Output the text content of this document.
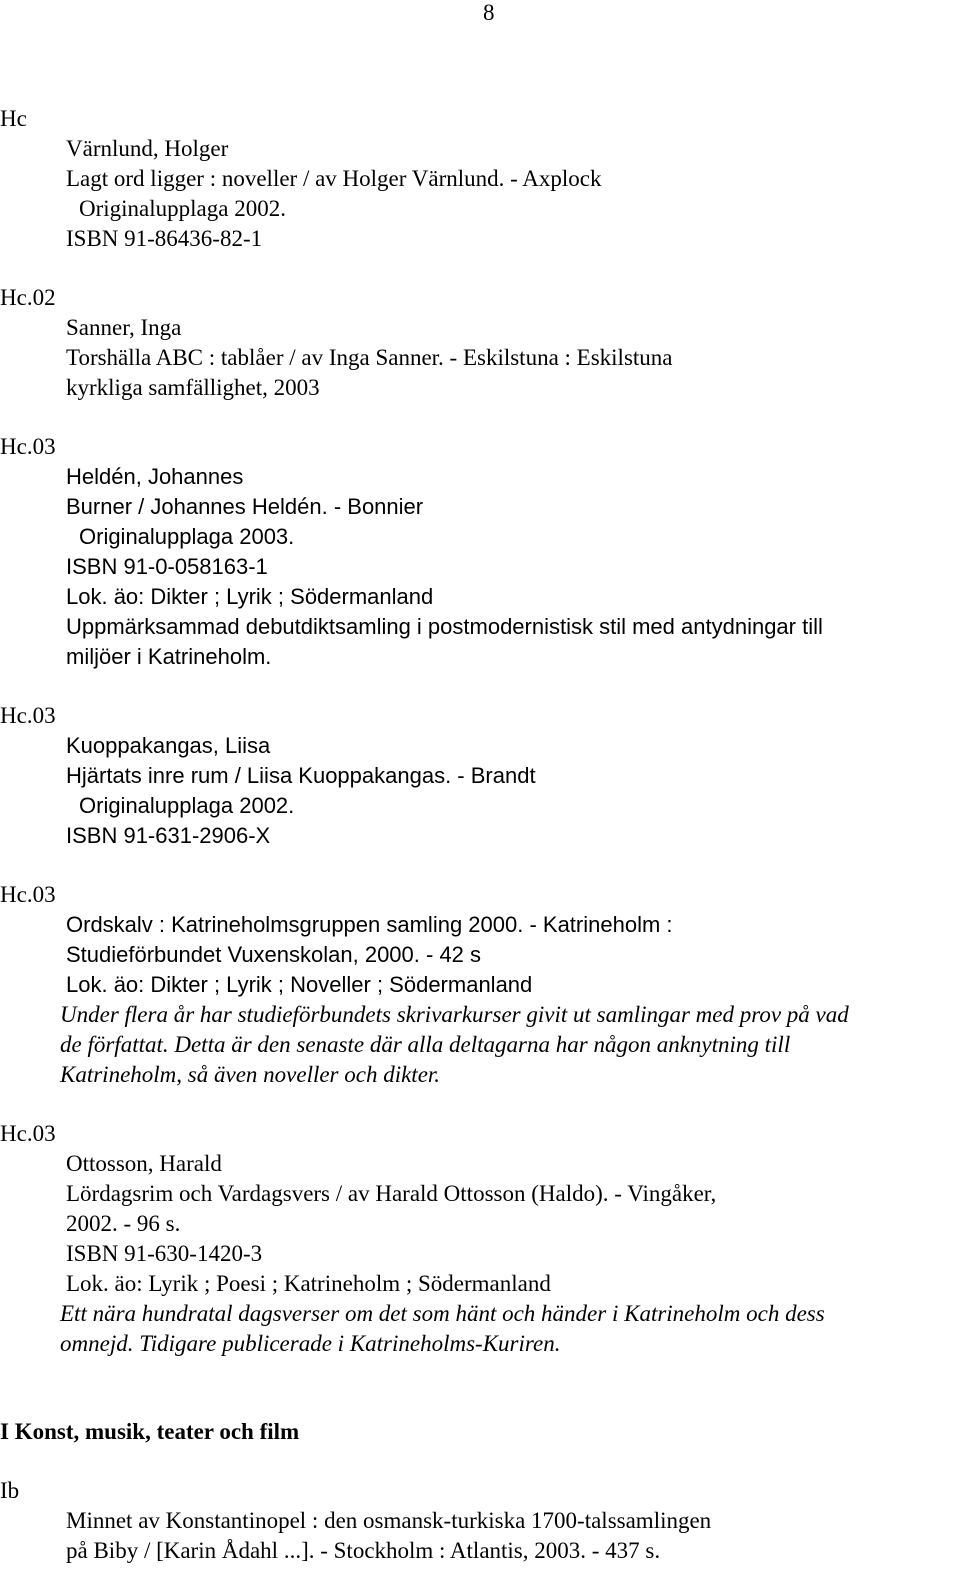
8
Hc
Värnlund, Holger
Lagt ord ligger : noveller / av Holger Värnlund. - Axplock
Originalupplaga 2002.
ISBN 91-86436-82-1
Hc.02
Sanner, Inga
Torshälla ABC : tablåer / av Inga Sanner. - Eskilstuna : Eskilstuna
kyrkliga samfällighet, 2003
Hc.03
Heldén, Johannes
Burner / Johannes Heldén. - Bonnier
Originalupplaga 2003.
ISBN 91-0-058163-1
Lok. äo: Dikter ; Lyrik ; Södermanland
Uppmärksammad debutdiktsamling i postmodernistisk stil med antydningar till
miljöer i Katrineholm.
Hc.03
Kuoppakangas, Liisa
Hjärtats inre rum / Liisa Kuoppakangas. - Brandt
Originalupplaga 2002.
ISBN 91-631-2906-X
Hc.03
Ordskalv : Katrineholmsgruppen samling 2000. - Katrineholm :
Studieförbundet Vuxenskolan, 2000. - 42 s
Lok. äo: Dikter ; Lyrik ; Noveller ; Södermanland
Under flera år har studieförbundets skrivarkurser givit ut samlingar med prov på vad
de författat. Detta är den senaste där alla deltagarna har någon anknytning till
Katrineholm, så även noveller och dikter.
Hc.03
Ottosson, Harald
Lördagsrim och Vardagsvers / av Harald Ottosson (Haldo). - Vingåker,
2002. - 96 s.
ISBN 91-630-1420-3
Lok. äo: Lyrik ; Poesi ; Katrineholm ; Södermanland
Ett nära hundratal dagsverser om det som hänt och händer i Katrineholm och dess
omnejd. Tidigare publicerade i Katrineholms-Kuriren.
I Konst, musik, teater och film
Ib
Minnet av Konstantinopel : den osmansk-turkiska 1700-talssamlingen
på Biby / [Karin Ådahl ...]. - Stockholm : Atlantis, 2003. - 437 s.
